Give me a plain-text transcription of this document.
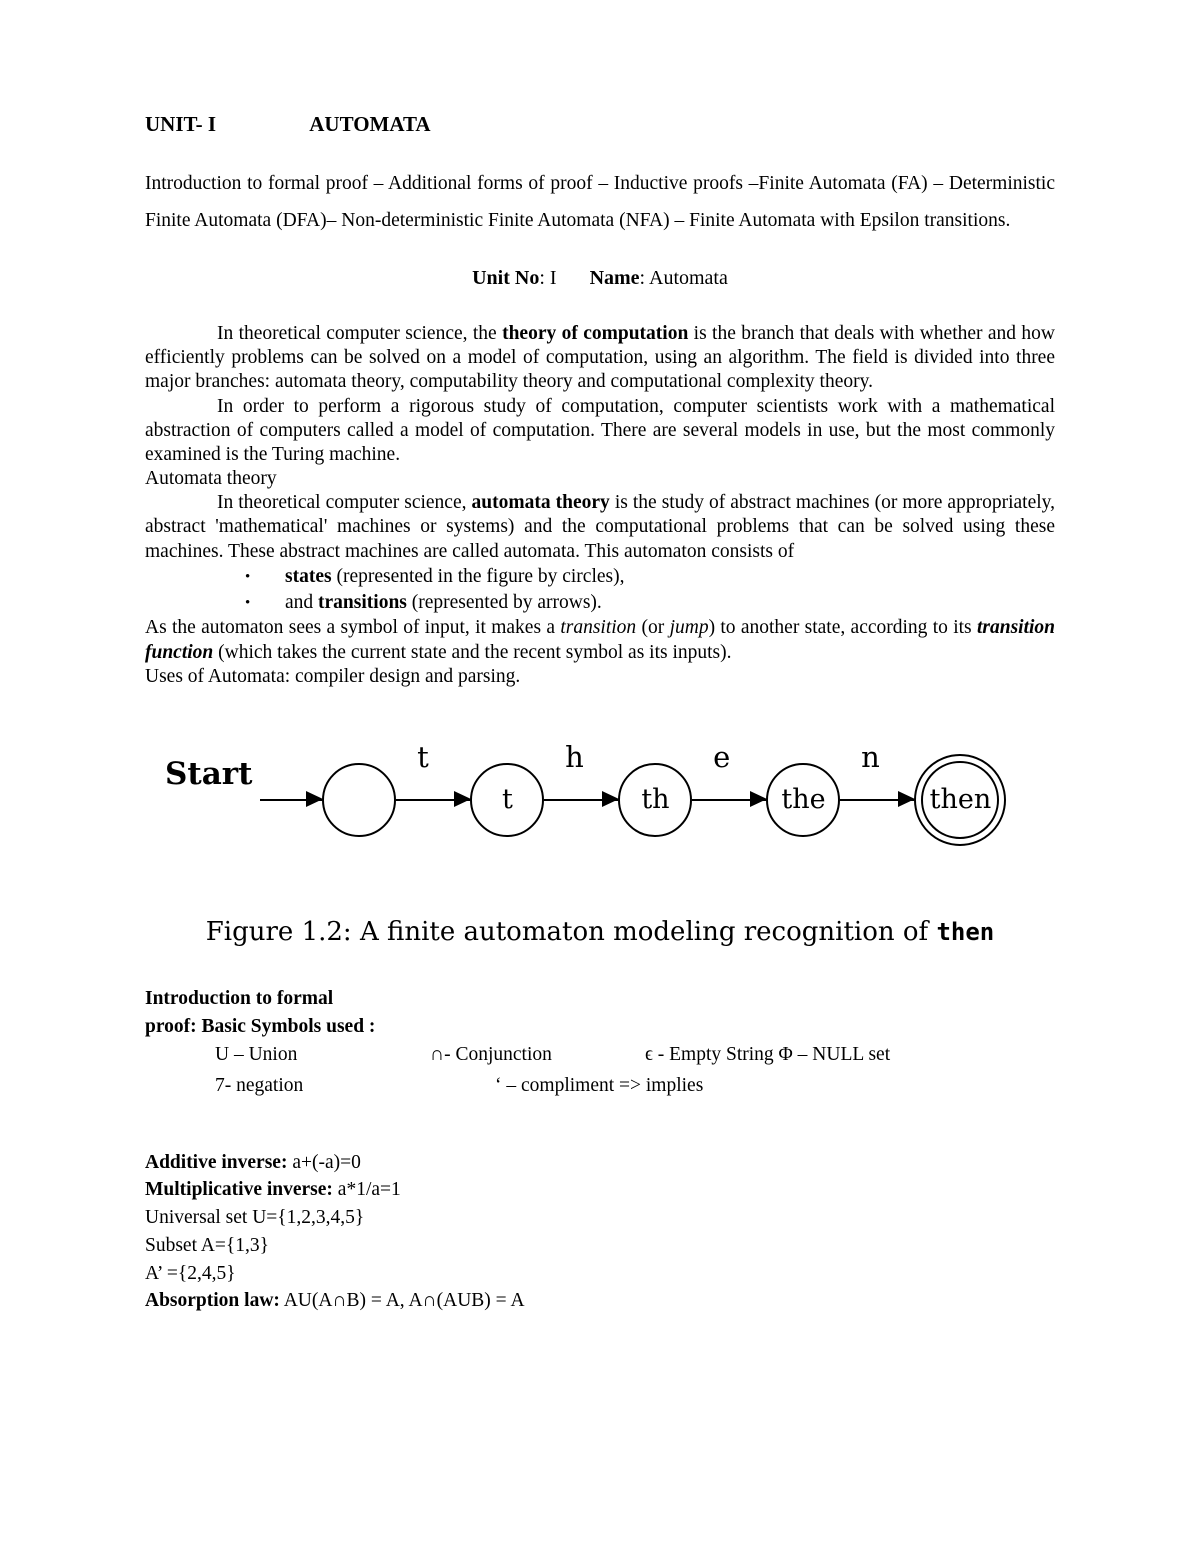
UNIT- I	AUTOMATA

Introduction to formal proof – Additional forms of proof – Inductive proofs –Finite Automata (FA) – Deterministic Finite Automata (DFA)– Non-deterministic Finite Automata (NFA) – Finite Automata with Epsilon transitions.

Unit No: I Name: Automata

In theoretical computer science, the theory of computation is the branch that deals with whether and how efficiently problems can be solved on a model of computation, using an algorithm. The field is divided into three major branches: automata theory, computability theory and computational complexity theory.

In order to perform a rigorous study of computation, computer scientists work with a mathematical abstraction of computers called a model of computation. There are several models in use, but the most commonly examined is the Turing machine.

Automata theory

In theoretical computer science, automata theory is the study of abstract machines (or more appropriately, abstract 'mathematical' machines or systems) and the computational problems that can be solved using these machines. These abstract machines are called automata. This automaton consists of

• states (represented in the figure by circles),
• and transitions (represented by arrows).

As the automaton sees a symbol of input, it makes a transition (or jump) to another state, according to its transition function (which takes the current state and the recent symbol as its inputs).

Uses of Automata: compiler design and parsing.
Start	t
t
h
th
e
the
n
then
Figure 1.2: A finite automaton modeling recognition of then
Introduction to formal
proof: Basic Symbols used :
U – Union	∩- Conjunction	ϵ - Empty String Φ – NULL set
7- negation	‘ – compliment => implies
Additive inverse: a+(-a)=0
Multiplicative inverse: a*1/a=1
Universal set U={1,2,3,4,5}
Subset A={1,3}
A’ ={2,4,5}
Absorption law: AU(A∩B) = A, A∩(AUB) = A
